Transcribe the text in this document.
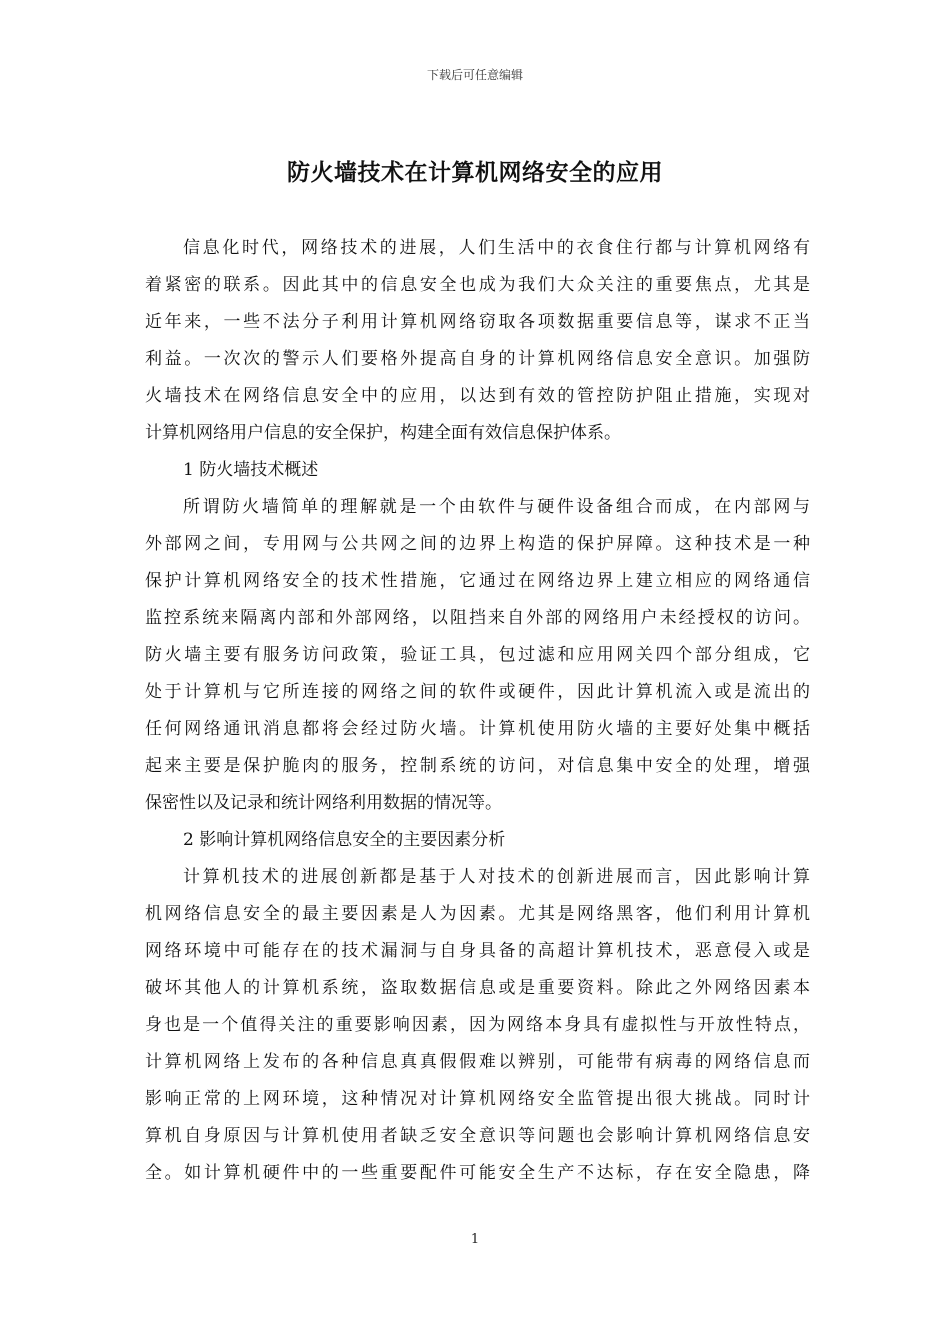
下载后可任意编辑
防火墙技术在计算机网络安全的应用
信息化时代，网络技术的进展，人们生活中的衣食住行都与计算机网络有
着紧密的联系。因此其中的信息安全也成为我们大众关注的重要焦点，尤其是
近年来，一些不法分子利用计算机网络窃取各项数据重要信息等，谋求不正当
利益。一次次的警示人们要格外提高自身的计算机网络信息安全意识。加强防
火墙技术在网络信息安全中的应用，以达到有效的管控防护阻止措施，实现对
计算机网络用户信息的安全保护，构建全面有效信息保护体系。
1 防火墙技术概述
所谓防火墙简单的理解就是一个由软件与硬件设备组合而成，在内部网与
外部网之间，专用网与公共网之间的边界上构造的保护屏障。这种技术是一种
保护计算机网络安全的技术性措施，它通过在网络边界上建立相应的网络通信
监控系统来隔离内部和外部网络，以阻挡来自外部的网络用户未经授权的访问。
防火墙主要有服务访问政策，验证工具，包过滤和应用网关四个部分组成，它
处于计算机与它所连接的网络之间的软件或硬件，因此计算机流入或是流出的
任何网络通讯消息都将会经过防火墙。计算机使用防火墙的主要好处集中概括
起来主要是保护脆肉的服务，控制系统的访问，对信息集中安全的处理，增强
保密性以及记录和统计网络利用数据的情况等。
2 影响计算机网络信息安全的主要因素分析
计算机技术的进展创新都是基于人对技术的创新进展而言，因此影响计算
机网络信息安全的最主要因素是人为因素。尤其是网络黑客，他们利用计算机
网络环境中可能存在的技术漏洞与自身具备的高超计算机技术，恶意侵入或是
破坏其他人的计算机系统，盗取数据信息或是重要资料。除此之外网络因素本
身也是一个值得关注的重要影响因素，因为网络本身具有虚拟性与开放性特点，
计算机网络上发布的各种信息真真假假难以辨别，可能带有病毒的网络信息而
影响正常的上网环境，这种情况对计算机网络安全监管提出很大挑战。同时计
算机自身原因与计算机使用者缺乏安全意识等问题也会影响计算机网络信息安
全。如计算机硬件中的一些重要配件可能安全生产不达标，存在安全隐患，降
1
